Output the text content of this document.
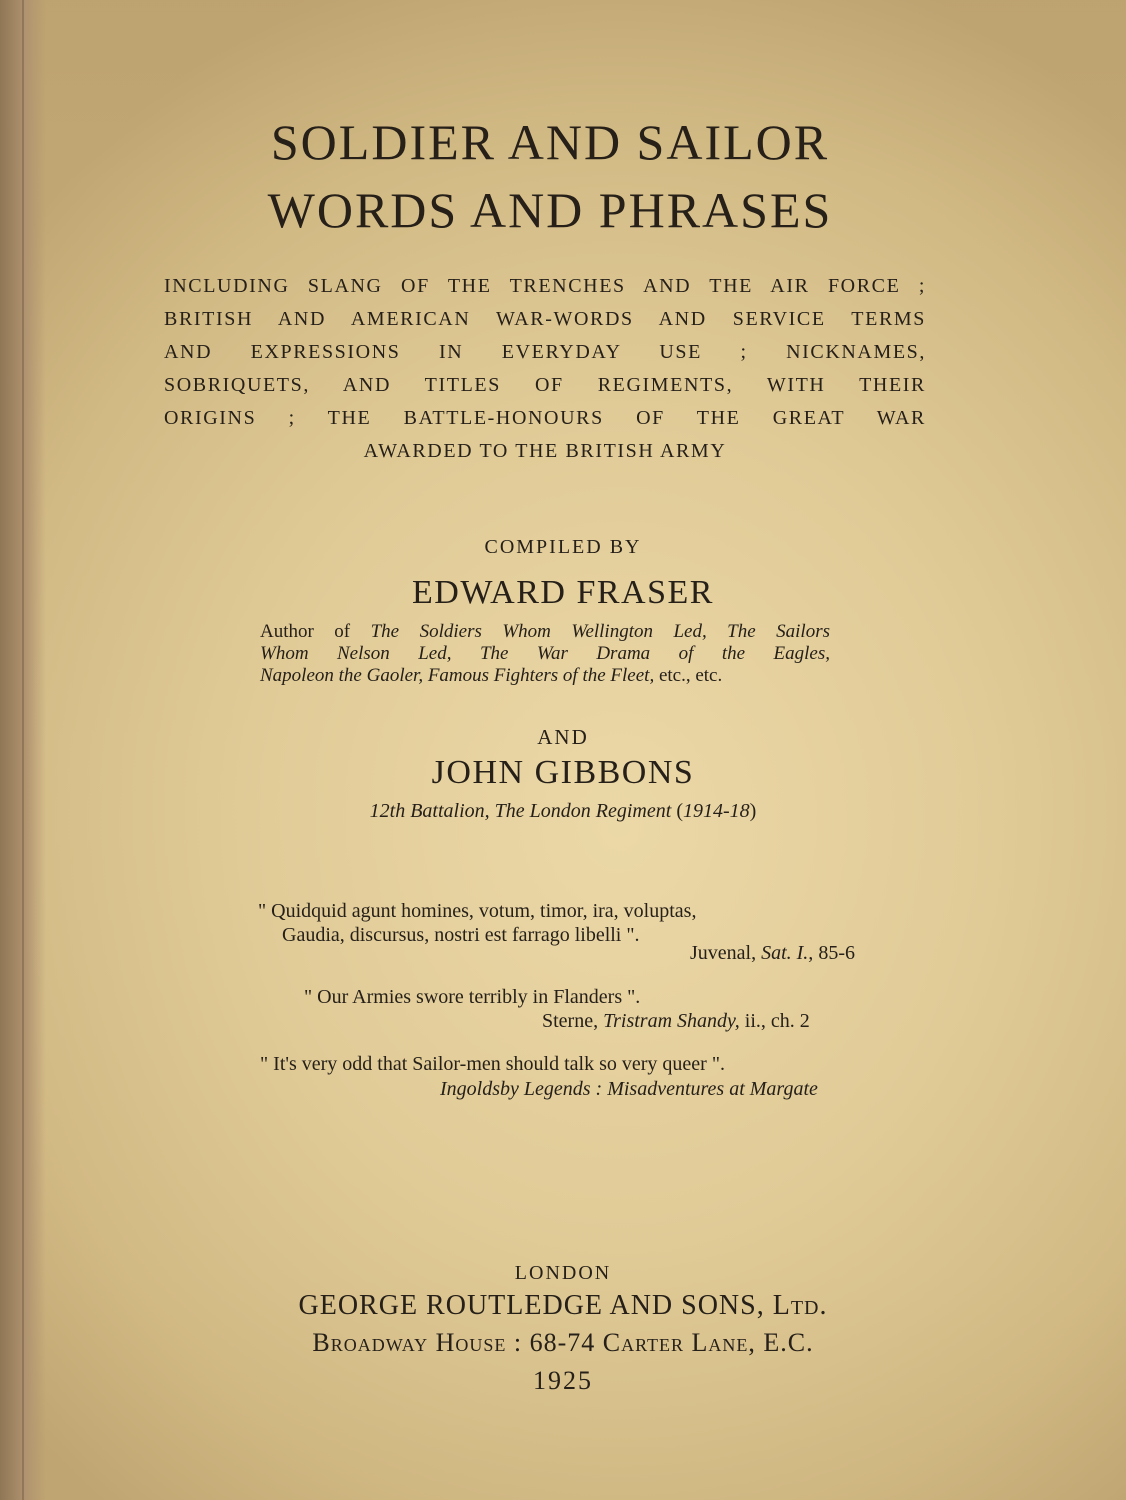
SOLDIER AND SAILOR
WORDS AND PHRASES
INCLUDING SLANG OF THE TRENCHES AND THE AIR FORCE ;
BRITISH AND AMERICAN WAR-WORDS AND SERVICE TERMS
AND EXPRESSIONS IN EVERYDAY USE ; NICKNAMES,
SOBRIQUETS, AND TITLES OF REGIMENTS, WITH THEIR
ORIGINS ; THE BATTLE-HONOURS OF THE GREAT WAR
AWARDED TO THE BRITISH ARMY
COMPILED BY
EDWARD FRASER
Author of The Soldiers Whom Wellington Led, The Sailors
Whom Nelson Led, The War Drama of the Eagles,
Napoleon the Gaoler, Famous Fighters of the Fleet, etc., etc.
AND
JOHN GIBBONS
12th Battalion, The London Regiment (1914-18)
" Quidquid agunt homines, votum, timor, ira, voluptas,
Gaudia, discursus, nostri est farrago libelli ".
Juvenal, Sat. I., 85-6
" Our Armies swore terribly in Flanders ".
Sterne, Tristram Shandy, ii., ch. 2
" It's very odd that Sailor-men should talk so very queer ".
Ingoldsby Legends : Misadventures at Margate
LONDON
GEORGE ROUTLEDGE AND SONS, Ltd.
Broadway House : 68-74 Carter Lane, E.C.
1925
